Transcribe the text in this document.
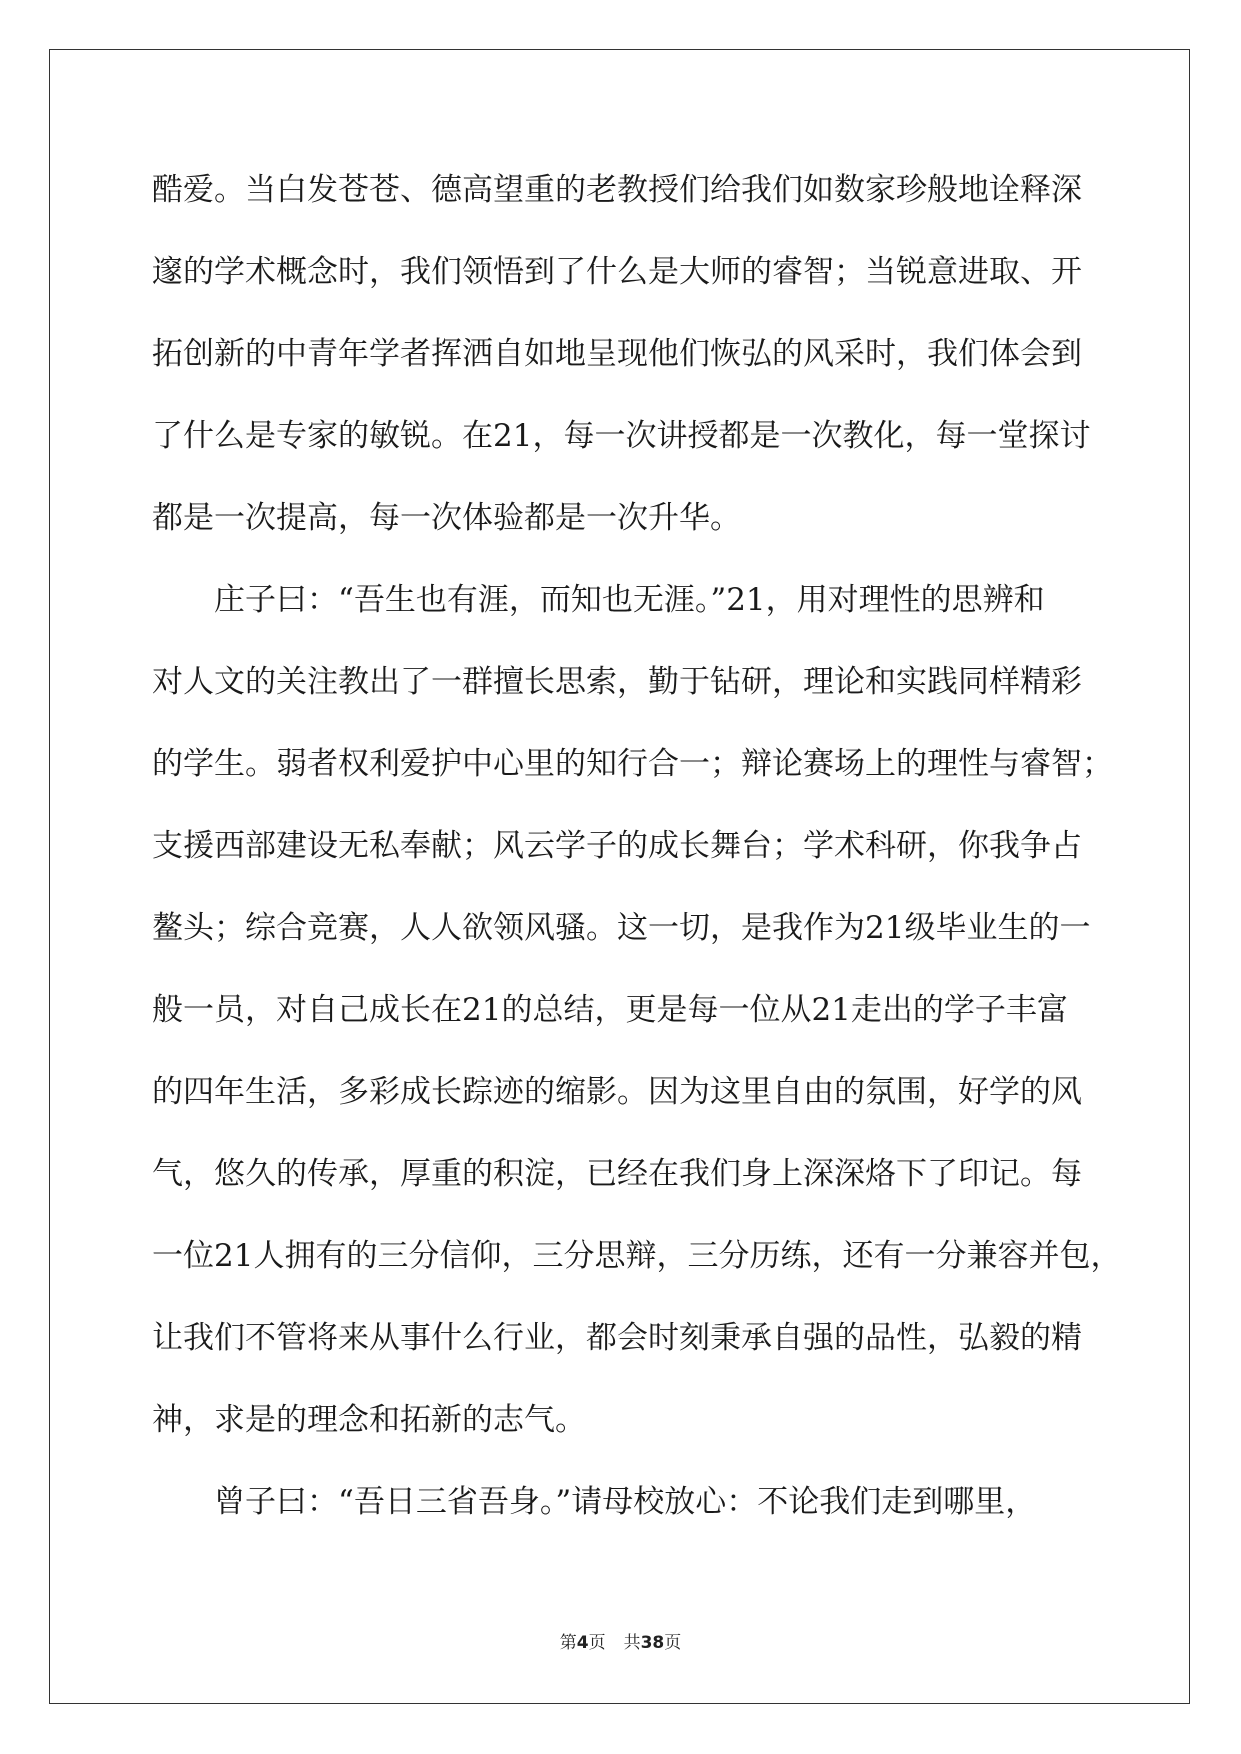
酷爱。当白发苍苍、德高望重的老教授们给我们如数家珍般地诠释深
邃的学术概念时，我们领悟到了什么是大师的睿智；当锐意进取、开
拓创新的中青年学者挥洒自如地呈现他们恢弘的风采时，我们体会到
了什么是专家的敏锐。在21，每一次讲授都是一次教化，每一堂探讨
都是一次提高，每一次体验都是一次升华。
　　庄子曰：“吾生也有涯，而知也无涯。”21，用对理性的思辨和
对人文的关注教出了一群擅长思索，勤于钻研，理论和实践同样精彩
的学生。弱者权利爱护中心里的知行合一；辩论赛场上的理性与睿智；
支援西部建设无私奉献；风云学子的成长舞台；学术科研，你我争占
鳌头；综合竞赛，人人欲领风骚。这一切，是我作为21级毕业生的一
般一员，对自己成长在21的总结，更是每一位从21走出的学子丰富
的四年生活，多彩成长踪迹的缩影。因为这里自由的氛围，好学的风
气，悠久的传承，厚重的积淀，已经在我们身上深深烙下了印记。每
一位21人拥有的三分信仰，三分思辩，三分历练，还有一分兼容并包，
让我们不管将来从事什么行业，都会时刻秉承自强的品性，弘毅的精
神，求是的理念和拓新的志气。
　　曾子曰：“吾日三省吾身。”请母校放心：不论我们走到哪里，
第4页 共38页
